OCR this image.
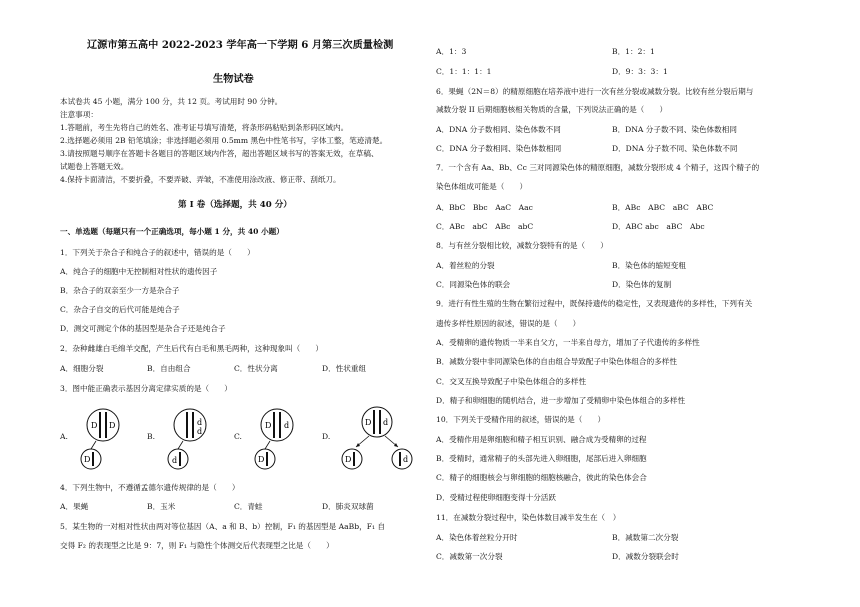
辽源市第五高中 2022-2023 学年高一下学期 6 月第三次质量检测
生物试卷
本试卷共 45 小题，满分 100 分，共 12 页。考试用时 90 分钟。
注意事项：
1.答题前，考生先将自己的姓名、准考证号填写清楚，将条形码粘贴到条形码区域内。
2.选择题必须用 2B 铅笔填涂；非选择题必须用 0.5mm 黑色中性笔书写，字体工整，笔迹清楚。
3.请按照题号顺序在答题卡各题目的答题区域内作答，超出答题区域书写的答案无效，在草稿、
试题卷上答题无效。
4.保持卡面清洁，不要折叠，不要弄破、弄皱，不准使用涂改液、修正带、刮纸刀。
第 I 卷（选择题，共 40 分）
一、单选题（每题只有一个正确选项，每小题 1 分，共 40 小题）
1．下列关于杂合子和纯合子的叙述中，错误的是（　　）
A．纯合子的细胞中无控制相对性状的遗传因子
B．杂合子的双亲至少一方是杂合子
C．杂合子自交的后代可能是纯合子
D．测交可测定个体的基因型是杂合子还是纯合子
2．杂种雌雄白毛绵羊交配，产生后代有白毛和黑毛两种，这种现象叫（　　）
A．细胞分裂	B．自由组合	C．性状分离	D．性状重组
3．图中能正确表示基因分离定律实质的是（　　）
A.
D D
D
B.
d
d
d
C.
D d
D
D.
D d
D	d
4．下列生物中，不遵循孟德尔遗传规律的是（　　）
A．果蝇	B．玉米	C．青蛙	D．肺炎双球菌
5．某生物的一对相对性状由两对等位基因（A、a 和 B、b）控制，F₁ 的基因型是 AaBb，F₁ 自
交得 F₂ 的表现型之比是 9：7，则 F₁ 与隐性个体测交后代表现型之比是（　　）
A．1：3	B．1：2：1
C．1：1：1：1	D．9：3：3：1
6．果蝇（2N＝8）的精原细胞在培养液中进行一次有丝分裂或减数分裂。比较有丝分裂后期与
减数分裂 II 后期细胞核相关物质的含量，下列说法正确的是（　　）
A．DNA 分子数相同、染色体数不同	B．DNA 分子数不同、染色体数相同
C．DNA 分子数相同、染色体数相同	D．DNA 分子数不同、染色体数不同
7．一个含有 Aa、Bb、Cc 三对同源染色体的精原细胞，减数分裂形成 4 个精子，这四个精子的
染色体组成可能是（　　）
A．BbC　Bbc　AaC　Aac	B．ABc　ABC　aBC　ABC
C．ABc　abC　ABc　abC	D．ABC abc　aBC　Abc
8．与有丝分裂相比较，减数分裂特有的是（　　）
A．着丝粒的分裂	B．染色体的缩短变粗
C．同源染色体的联会	D．染色体的复制
9．进行有性生殖的生物在繁衍过程中，既保持遗传的稳定性，又表现遗传的多样性，下列有关
遗传多样性原因的叙述，错误的是（　　）
A．受精卵的遗传物质一半来自父方，一半来自母方，增加了子代遗传的多样性
B．减数分裂中非同源染色体的自由组合导致配子中染色体组合的多样性
C．交叉互换导致配子中染色体组合的多样性
D．精子和卵细胞的随机结合，进一步增加了受精卵中染色体组合的多样性
10．下列关于受精作用的叙述，错误的是（　　）
A．受精作用是卵细胞和精子相互识别、融合成为受精卵的过程
B．受精时，通常精子的头部先进入卵细胞，尾部后进入卵细胞
C．精子的细胞核会与卵细胞的细胞核融合，彼此的染色体会合
D．受精过程使卵细胞变得十分活跃
11．在减数分裂过程中，染色体数目减半发生在（　）
A．染色体着丝粒分开时	B．减数第二次分裂
C．减数第一次分裂	D．减数分裂联会时
